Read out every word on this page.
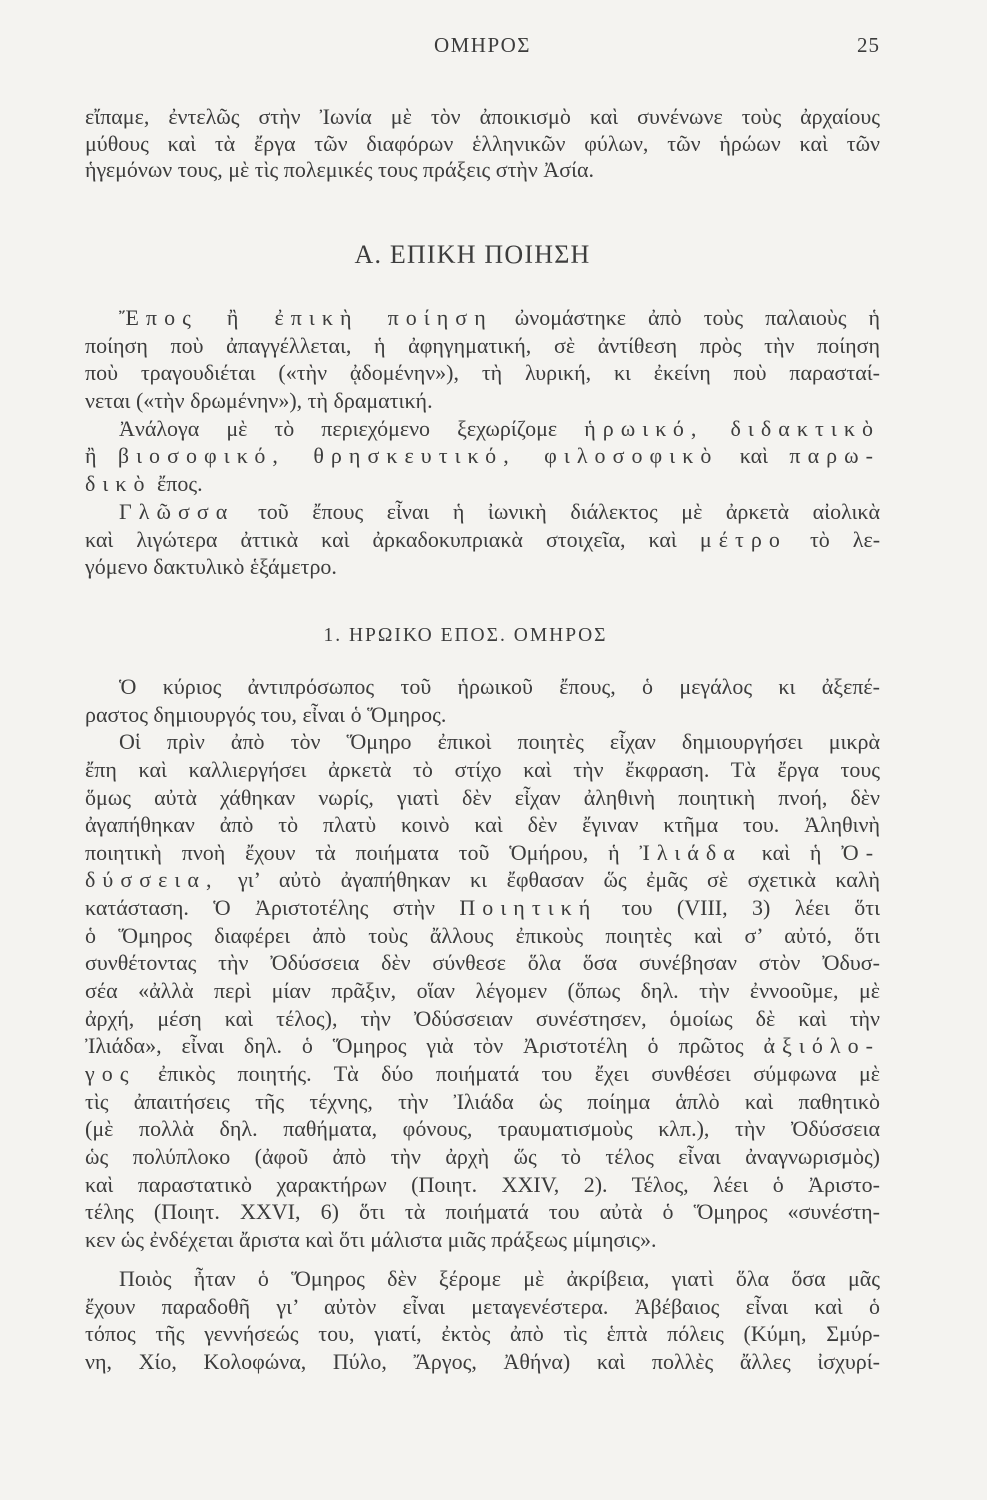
ΟΜΗΡΟΣ	25
εἴπαμε, ἐντελῶς στὴν Ἰωνία μὲ τὸν ἀποικισμὸ καὶ συνένωνε τοὺς ἀρχαίους
μύθους καὶ τὰ ἔργα τῶν διαφόρων ἑλληνικῶν φύλων, τῶν ἡρώων καὶ τῶν
ἡγεμόνων τους, μὲ τὶς πολεμικές τους πράξεις στὴν Ἀσία.
Α. ΕΠΙΚΗ ΠΟΙΗΣΗ
Ἔπος ἢ ἐπικὴ ποίηση ὠνομάστηκε ἀπὸ τοὺς παλαιοὺς ἡ
ποίηση ποὺ ἀπαγγέλλεται, ἡ ἀφηγηματική, σὲ ἀντίθεση πρὸς τὴν ποίηση
ποὺ τραγουδιέται («τὴν ᾀδομένην»), τὴ λυρική, κι ἐκείνη ποὺ παρασταί-
νεται («τὴν δρωμένην»), τὴ δραματική.
Ἀνάλογα μὲ τὸ περιεχόμενο ξεχωρίζομε ἡρωικό, διδακτικὸ
ἢ βιοσοφικό, θρησκευτικό, φιλοσοφικὸ καὶ παρω-
δικὸ ἔπος.
Γλῶσσα τοῦ ἔπους εἶναι ἡ ἰωνικὴ διάλεκτος μὲ ἀρκετὰ αἰολικὰ
καὶ λιγώτερα ἀττικὰ καὶ ἀρκαδοκυπριακὰ στοιχεῖα, καὶ μέτρο τὸ λε-
γόμενο δακτυλικὸ ἑξάμετρο.
1. ΗΡΩΙΚΟ ΕΠΟΣ. ΟΜΗΡΟΣ
Ὁ κύριος ἀντιπρόσωπος τοῦ ἡρωικοῦ ἔπους, ὁ μεγάλος κι ἀξεπέ-
ραστος δημιουργός του, εἶναι ὁ Ὅμηρος.
Οἱ πρὶν ἀπὸ τὸν Ὅμηρο ἐπικοὶ ποιητὲς εἶχαν δημιουργήσει μικρὰ
ἔπη καὶ καλλιεργήσει ἀρκετὰ τὸ στίχο καὶ τὴν ἔκφραση. Τὰ ἔργα τους
ὅμως αὐτὰ χάθηκαν νωρίς, γιατὶ δὲν εἶχαν ἀληθινὴ ποιητικὴ πνοή, δὲν
ἀγαπήθηκαν ἀπὸ τὸ πλατὺ κοινὸ καὶ δὲν ἔγιναν κτῆμα του. Ἀληθινὴ
ποιητικὴ πνοὴ ἔχουν τὰ ποιήματα τοῦ Ὁμήρου, ἡ Ἰλιάδα καὶ ἡ Ὀ-
δύσσεια, γι’ αὐτὸ ἀγαπήθηκαν κι ἔφθασαν ὥς ἐμᾶς σὲ σχετικὰ καλὴ
κατάσταση. Ὁ Ἀριστοτέλης στὴν Ποιητική του (VIII, 3) λέει ὅτι
ὁ Ὅμηρος διαφέρει ἀπὸ τοὺς ἄλλους ἐπικοὺς ποιητὲς καὶ σ’ αὐτό, ὅτι
συνθέτοντας τὴν Ὀδύσσεια δὲν σύνθεσε ὅλα ὅσα συνέβησαν στὸν Ὀδυσ-
σέα «ἀλλὰ περὶ μίαν πρᾶξιν, οἵαν λέγομεν (ὅπως δηλ. τὴν ἐννοοῦμε, μὲ
ἀρχή, μέση καὶ τέλος), τὴν Ὀδύσσειαν συνέστησεν, ὁμοίως δὲ καὶ τὴν
Ἰλιάδα», εἶναι δηλ. ὁ Ὅμηρος γιὰ τὸν Ἀριστοτέλη ὁ πρῶτος ἀξιόλο-
γος ἐπικὸς ποιητής. Τὰ δύο ποιήματά του ἔχει συνθέσει σύμφωνα μὲ
τὶς ἀπαιτήσεις τῆς τέχνης, τὴν Ἰλιάδα ὡς ποίημα ἁπλὸ καὶ παθητικὸ
(μὲ πολλὰ δηλ. παθήματα, φόνους, τραυματισμοὺς κλπ.), τὴν Ὀδύσσεια
ὡς πολύπλοκο (ἀφοῦ ἀπὸ τὴν ἀρχὴ ὥς τὸ τέλος εἶναι ἀναγνωρισμὸς)
καὶ παραστατικὸ χαρακτήρων (Ποιητ. XXIV, 2). Τέλος, λέει ὁ Ἀριστο-
τέλης (Ποιητ. XXVI, 6) ὅτι τὰ ποιήματά του αὐτὰ ὁ Ὅμηρος «συνέστη-
κεν ὡς ἐνδέχεται ἄριστα καὶ ὅτι μάλιστα μιᾶς πράξεως μίμησις».
Ποιὸς ἦταν ὁ Ὅμηρος δὲν ξέρομε μὲ ἀκρίβεια, γιατὶ ὅλα ὅσα μᾶς
ἔχουν παραδοθῆ γι’ αὐτὸν εἶναι μεταγενέστερα. Ἀβέβαιος εἶναι καὶ ὁ
τόπος τῆς γεννήσεώς του, γιατί, ἐκτὸς ἀπὸ τὶς ἑπτὰ πόλεις (Κύμη, Σμύρ-
νη, Χίο, Κολοφώνα, Πύλο, Ἄργος, Ἀθήνα) καὶ πολλὲς ἄλλες ἰσχυρί-
